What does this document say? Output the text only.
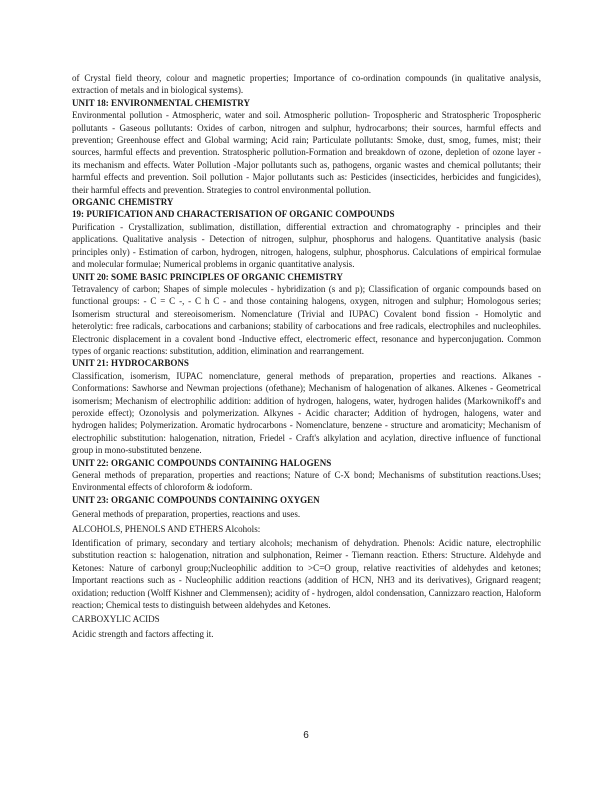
of Crystal field theory, colour and magnetic properties; Importance of co-ordination compounds (in qualitative analysis, extraction of metals and in biological systems).

UNIT 18: ENVIRONMENTAL CHEMISTRY

Environmental pollution - Atmospheric, water and soil. Atmospheric pollution- Tropospheric and Stratospheric Tropospheric pollutants - Gaseous pollutants: Oxides of carbon, nitrogen and sulphur, hydrocarbons; their sources, harmful effects and prevention; Greenhouse effect and Global warming; Acid rain; Particulate pollutants: Smoke, dust, smog, fumes, mist; their sources, harmful effects and prevention. Stratospheric pollution-Formation and breakdown of ozone, depletion of ozone layer - its mechanism and effects. Water Pollution -Major pollutants such as, pathogens, organic wastes and chemical pollutants; their harmful effects and prevention. Soil pollution - Major pollutants such as: Pesticides (insecticides, herbicides and fungicides), their harmful effects and prevention. Strategies to control environmental pollution.

ORGANIC CHEMISTRY
19: PURIFICATION AND CHARACTERISATION OF ORGANIC COMPOUNDS

Purification - Crystallization, sublimation, distillation, differential extraction and chromatography - principles and their applications. Qualitative analysis - Detection of nitrogen, sulphur, phosphorus and halogens. Quantitative analysis (basic principles only) - Estimation of carbon, hydrogen, nitrogen, halogens, sulphur, phosphorus. Calculations of empirical formulae and molecular formulae; Numerical problems in organic quantitative analysis.

UNIT 20: SOME BASIC PRINCIPLES OF ORGANIC CHEMISTRY

Tetravalency of carbon; Shapes of simple molecules - hybridization (s and p); Classification of organic compounds based on functional groups: - C = C -, - C h C - and those containing halogens, oxygen, nitrogen and sulphur; Homologous series; Isomerism structural and stereoisomerism. Nomenclature (Trivial and IUPAC) Covalent bond fission - Homolytic and heterolytic: free radicals, carbocations and carbanions; stability of carbocations and free radicals, electrophiles and nucleophiles. Electronic displacement in a covalent bond -Inductive effect, electromeric effect, resonance and hyperconjugation. Common types of organic reactions: substitution, addition, elimination and rearrangement.

UNIT 21: HYDROCARBONS

Classification, isomerism, IUPAC nomenclature, general methods of preparation, properties and reactions. Alkanes - Conformations: Sawhorse and Newman projections (ofethane); Mechanism of halogenation of alkanes. Alkenes - Geometrical isomerism; Mechanism of electrophilic addition: addition of hydrogen, halogens, water, hydrogen halides (Markownikoff's and peroxide effect); Ozonolysis and polymerization. Alkynes - Acidic character; Addition of hydrogen, halogens, water and hydrogen halides; Polymerization. Aromatic hydrocarbons - Nomenclature, benzene - structure and aromaticity; Mechanism of electrophilic substitution: halogenation, nitration, Friedel - Craft's alkylation and acylation, directive influence of functional group in mono-substituted benzene.

UNIT 22: ORGANIC COMPOUNDS CONTAINING HALOGENS

General methods of preparation, properties and reactions; Nature of C-X bond; Mechanisms of substitution reactions.Uses; Environmental effects of chloroform & iodoform.

UNIT 23: ORGANIC COMPOUNDS CONTAINING OXYGEN

General methods of preparation, properties, reactions and uses.

ALCOHOLS, PHENOLS AND ETHERS Alcohols:

Identification of primary, secondary and tertiary alcohols; mechanism of dehydration. Phenols: Acidic nature, electrophilic substitution reaction s: halogenation, nitration and sulphonation, Reimer - Tiemann reaction. Ethers: Structure. Aldehyde and Ketones: Nature of carbonyl group;Nucleophilic addition to >C=O group, relative reactivities of aldehydes and ketones; Important reactions such as - Nucleophilic addition reactions (addition of HCN, NH3 and its derivatives), Grignard reagent; oxidation; reduction (Wolff Kishner and Clemmensen); acidity of - hydrogen, aldol condensation, Cannizzaro reaction, Haloform reaction; Chemical tests to distinguish between aldehydes and Ketones.

CARBOXYLIC ACIDS

Acidic strength and factors affecting it.

6
